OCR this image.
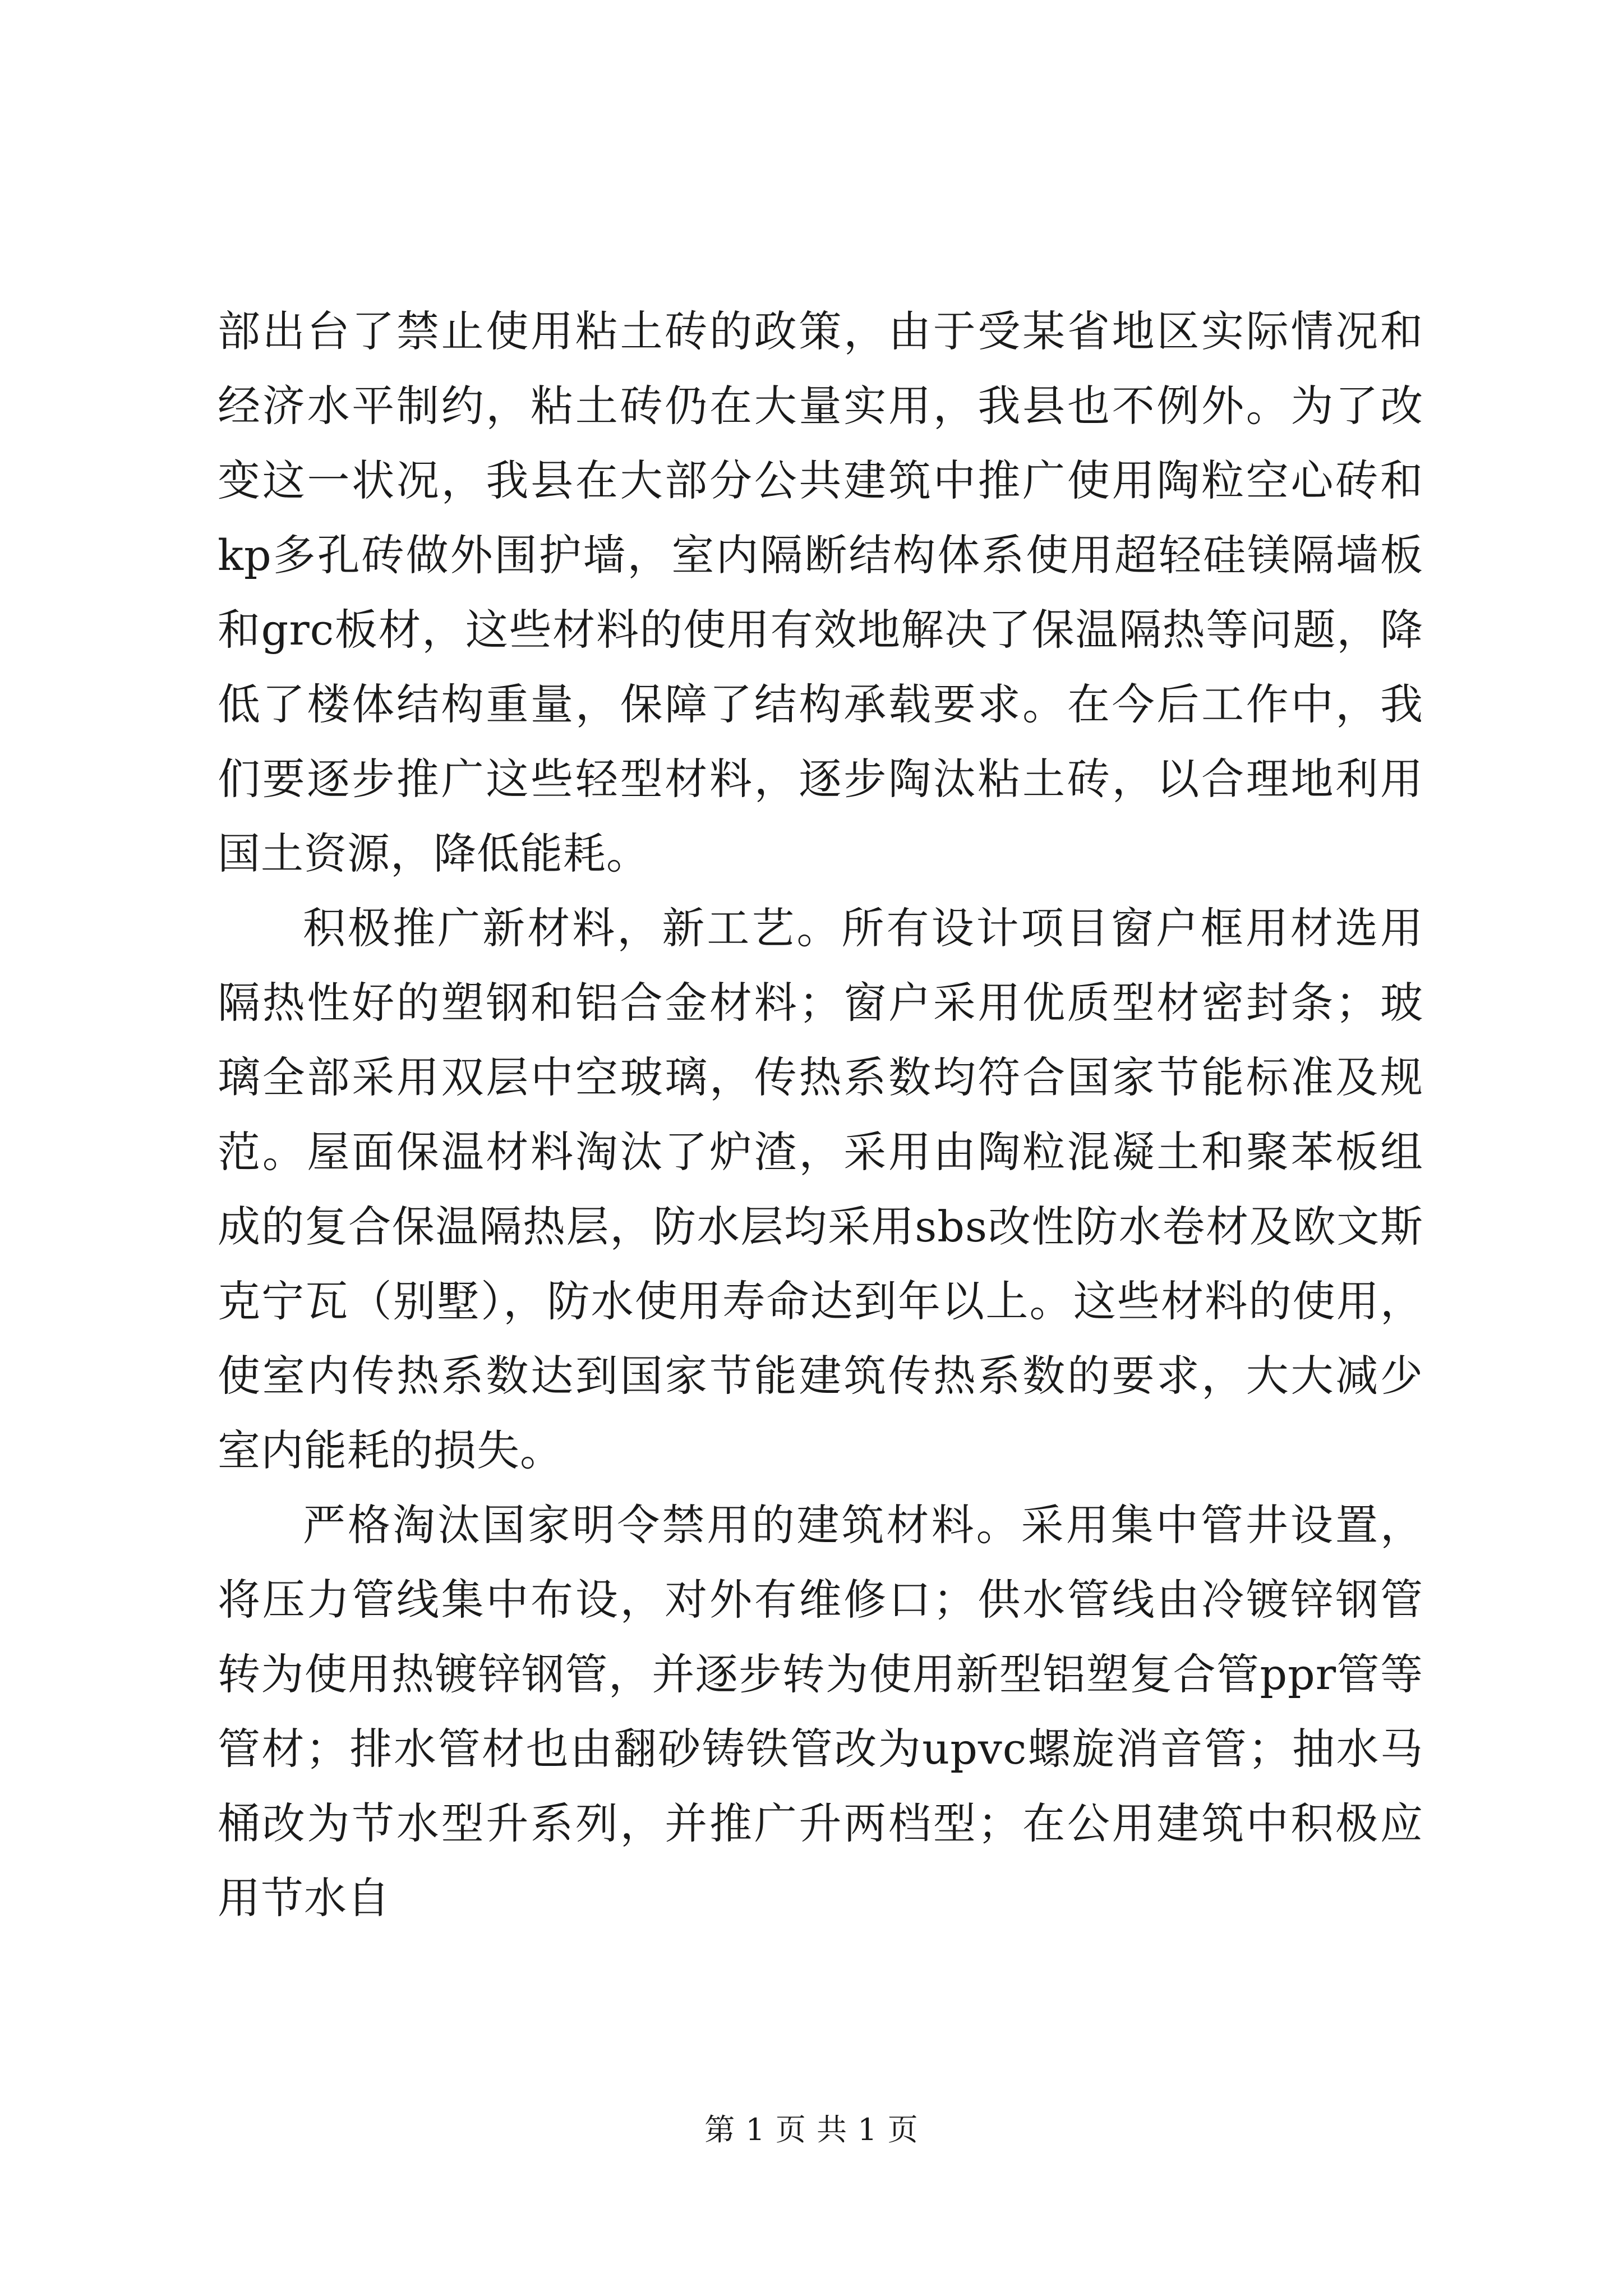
部出台了禁止使用粘土砖的政策，由于受某省地区实际情况和经济水平制约，粘土砖仍在大量实用，我县也不例外。为了改变这一状况，我县在大部分公共建筑中推广使用陶粒空心砖和kp多孔砖做外围护墙，室内隔断结构体系使用超轻硅镁隔墙板和grc板材，这些材料的使用有效地解决了保温隔热等问题，降低了楼体结构重量，保障了结构承载要求。在今后工作中，我们要逐步推广这些轻型材料，逐步陶汰粘土砖，以合理地利用国土资源，降低能耗。

积极推广新材料，新工艺。所有设计项目窗户框用材选用隔热性好的塑钢和铝合金材料；窗户采用优质型材密封条；玻璃全部采用双层中空玻璃，传热系数均符合国家节能标准及规范。屋面保温材料淘汰了炉渣，采用由陶粒混凝土和聚苯板组成的复合保温隔热层，防水层均采用sbs改性防水卷材及欧文斯克宁瓦（别墅），防水使用寿命达到年以上。这些材料的使用，使室内传热系数达到国家节能建筑传热系数的要求，大大减少室内能耗的损失。

严格淘汰国家明令禁用的建筑材料。采用集中管井设置，将压力管线集中布设，对外有维修口；供水管线由冷镀锌钢管转为使用热镀锌钢管，并逐步转为使用新型铝塑复合管ppr管等管材；排水管材也由翻砂铸铁管改为upvc螺旋消音管；抽水马桶改为节水型升系列，并推广升两档型；在公用建筑中积极应用节水自

第 1 页 共 1 页
